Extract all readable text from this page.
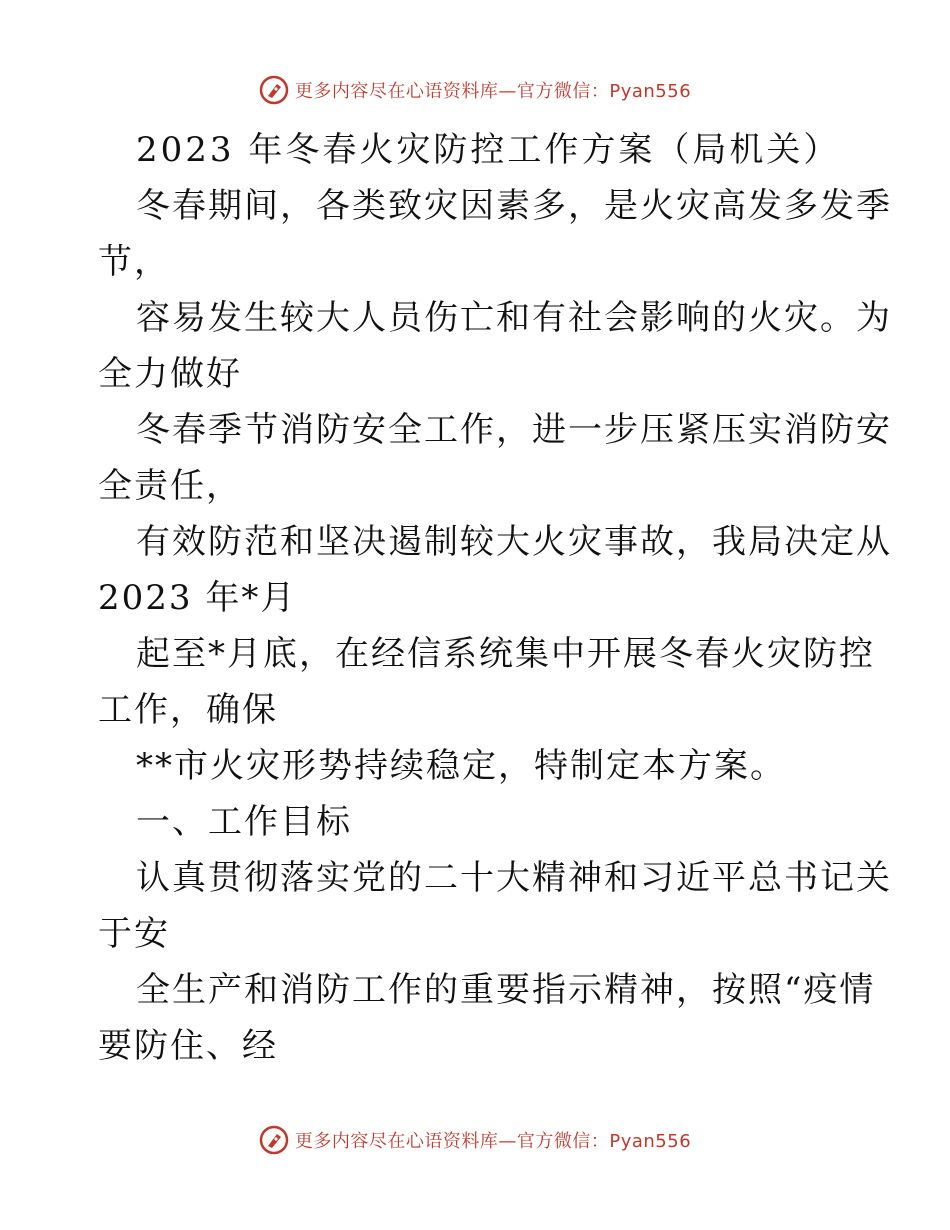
更多内容尽在心语资料库—官方微信：Pyan556
2023 年冬春火灾防控工作方案（局机关）
冬春期间，各类致灾因素多，是火灾高发多发季
节，
容易发生较大人员伤亡和有社会影响的火灾。为
全力做好
冬春季节消防安全工作，进一步压紧压实消防安
全责任，
有效防范和坚决遏制较大火灾事故，我局决定从
2023 年*月
起至*月底，在经信系统集中开展冬春火灾防控
工作，确保
**市火灾形势持续稳定，特制定本方案。
一、工作目标
认真贯彻落实党的二十大精神和习近平总书记关
于安
全生产和消防工作的重要指示精神，按照“疫情
要防住、经
更多内容尽在心语资料库—官方微信：Pyan556
